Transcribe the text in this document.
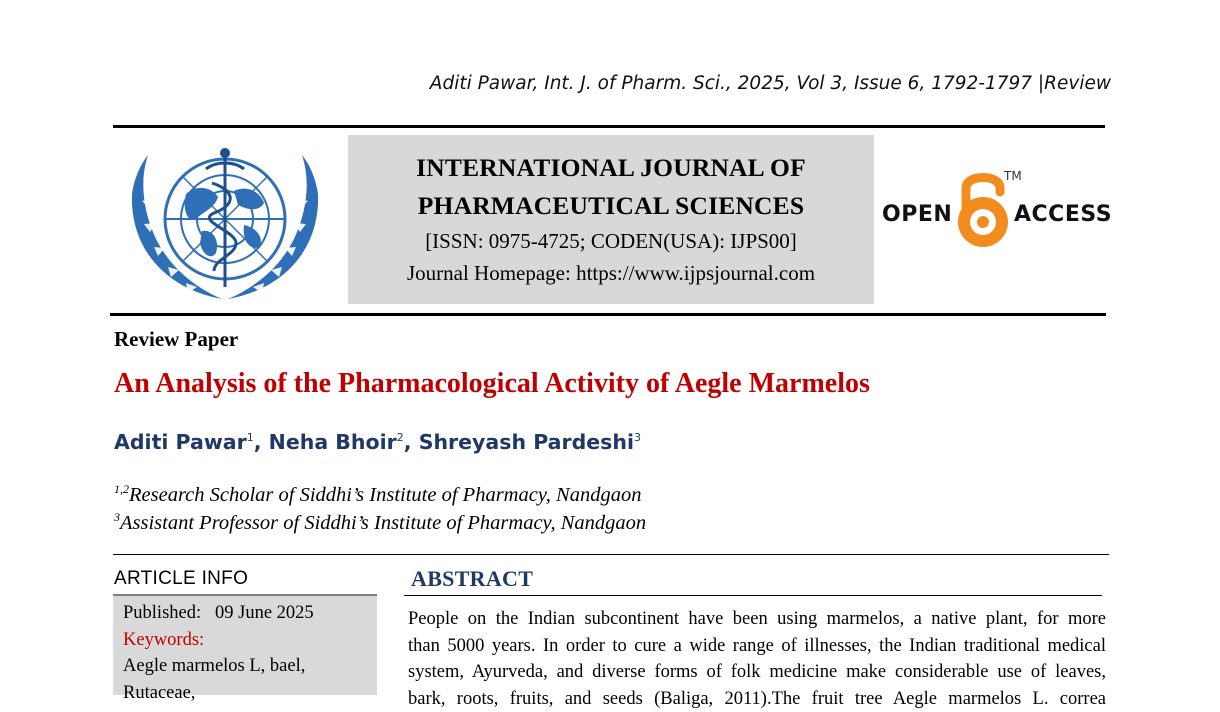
Aditi Pawar, Int. J. of Pharm. Sci., 2025, Vol 3, Issue 6, 1792-1797 |Review
INTERNATIONAL JOURNAL OF
PHARMACEUTICAL SCIENCES
[ISSN: 0975-4725; CODEN(USA): IJPS00]
Journal Homepage: https://www.ijpsjournal.com
OPEN
TM
ACCESS
Review Paper
An Analysis of the Pharmacological Activity of Aegle Marmelos
Aditi Pawar$^1$, Neha Bhoir$^2$, Shreyash Pardeshi$^3$
$^{1,2}$Research Scholar of Siddhi’s Institute of Pharmacy, Nandgaon
$^3$Assistant Professor of Siddhi’s Institute of Pharmacy, Nandgaon
ARTICLE INFO
Published: 09 June 2025
Keywords:
Aegle marmelos L, bael,
Rutaceae,
ABSTRACT
People on the Indian subcontinent have been using marmelos, a native plant, for more
than 5000 years. In order to cure a wide range of illnesses, the Indian traditional medical
system, Ayurveda, and diverse forms of folk medicine make considerable use of leaves,
bark, roots, fruits, and seeds (Baliga, 2011).The fruit tree Aegle marmelos L. correa
